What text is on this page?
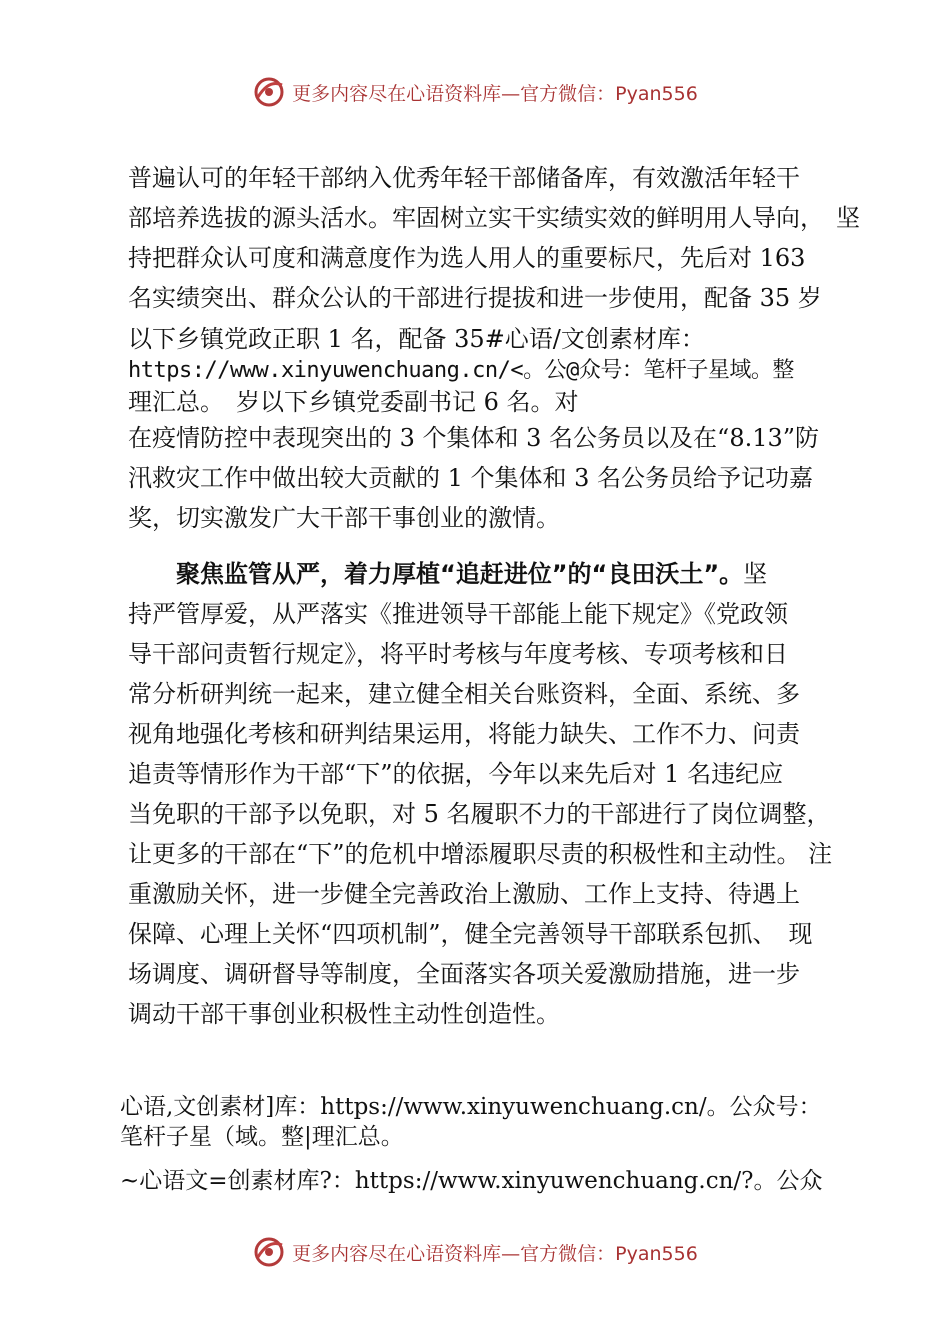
更多内容尽在心语资料库—官方微信：Pyan556
普遍认可的年轻干部纳入优秀年轻干部储备库，有效激活年轻干
部培养选拔的源头活水。牢固树立实干实绩实效的鲜明用人导向，　坚
持把群众认可度和满意度作为选人用人的重要标尺，先后对 163
名实绩突出、群众公认的干部进行提拔和进一步使用，配备 35 岁
以下乡镇党政正职 1 名，配备 35#心语/文创素材库：
https://www.xinyuwenchuang.cn/<。公@众号：笔杆子星域。整
理汇总。　岁以下乡镇党委副书记 6 名。对
在疫情防控中表现突出的 3 个集体和 3 名公务员以及在“8.13”防
汛救灾工作中做出较大贡献的 1 个集体和 3 名公务员给予记功嘉
奖，切实激发广大干部干事创业的激情。
聚焦监管从严，着力厚植“追赶进位”的“良田沃土”。坚
持严管厚爱，从严落实《推进领导干部能上能下规定》《党政领
导干部问责暂行规定》，将平时考核与年度考核、专项考核和日
常分析研判统一起来，建立健全相关台账资料，全面、系统、多
视角地强化考核和研判结果运用，将能力缺失、工作不力、问责
追责等情形作为干部“下”的依据，今年以来先后对 1 名违纪应
当免职的干部予以免职，对 5 名履职不力的干部进行了岗位调整，
让更多的干部在“下”的危机中增添履职尽责的积极性和主动性。 注
重激励关怀，进一步健全完善政治上激励、工作上支持、待遇上
保障、心理上关怀“四项机制”，健全完善领导干部联系包抓、　现
场调度、调研督导等制度，全面落实各项关爱激励措施，进一步
调动干部干事创业积极性主动性创造性。
心语,文创素材]库：https://www.xinyuwenchuang.cn/。公众号：
笔杆子星（域。整|理汇总。
~心语文=创素材库?：https://www.xinyuwenchuang.cn/?。公众
更多内容尽在心语资料库—官方微信：Pyan556
